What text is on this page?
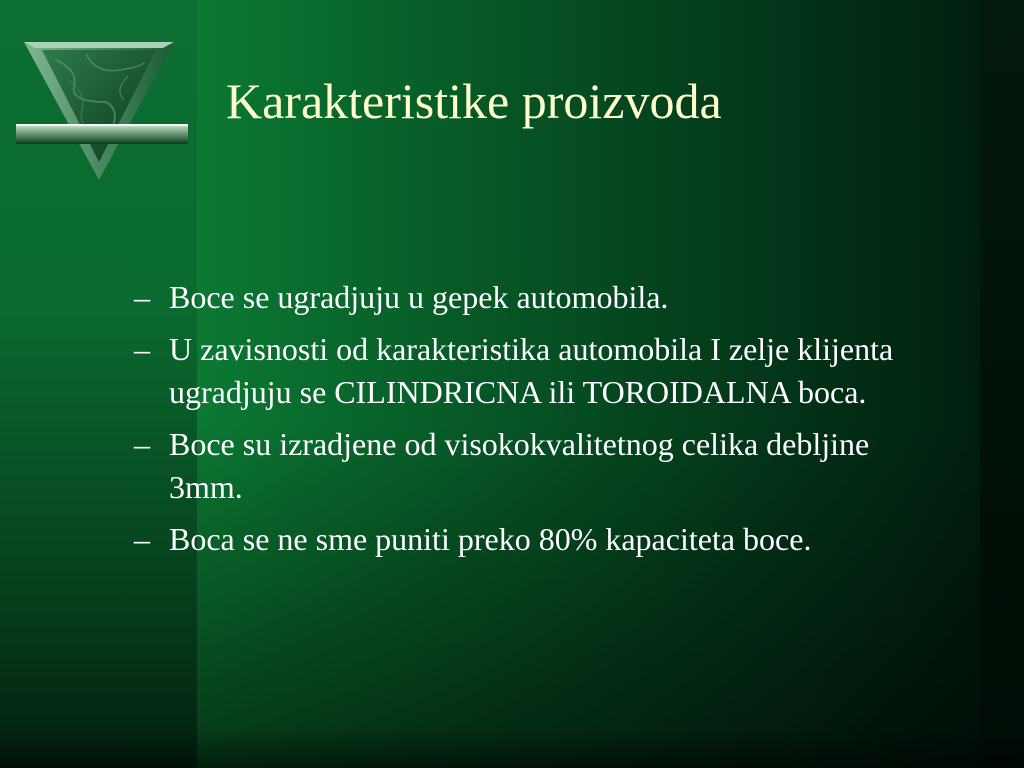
Karakteristike proizvoda
– Boce se ugradjuju u gepek automobila.
– U zavisnosti od karakteristika automobila I zelje klijenta ugradjuju se CILINDRICNA ili TOROIDALNA boca.
– Boce su izradjene od visokokvalitetnog celika debljine 3mm.
– Boca se ne sme puniti preko 80% kapaciteta boce.
